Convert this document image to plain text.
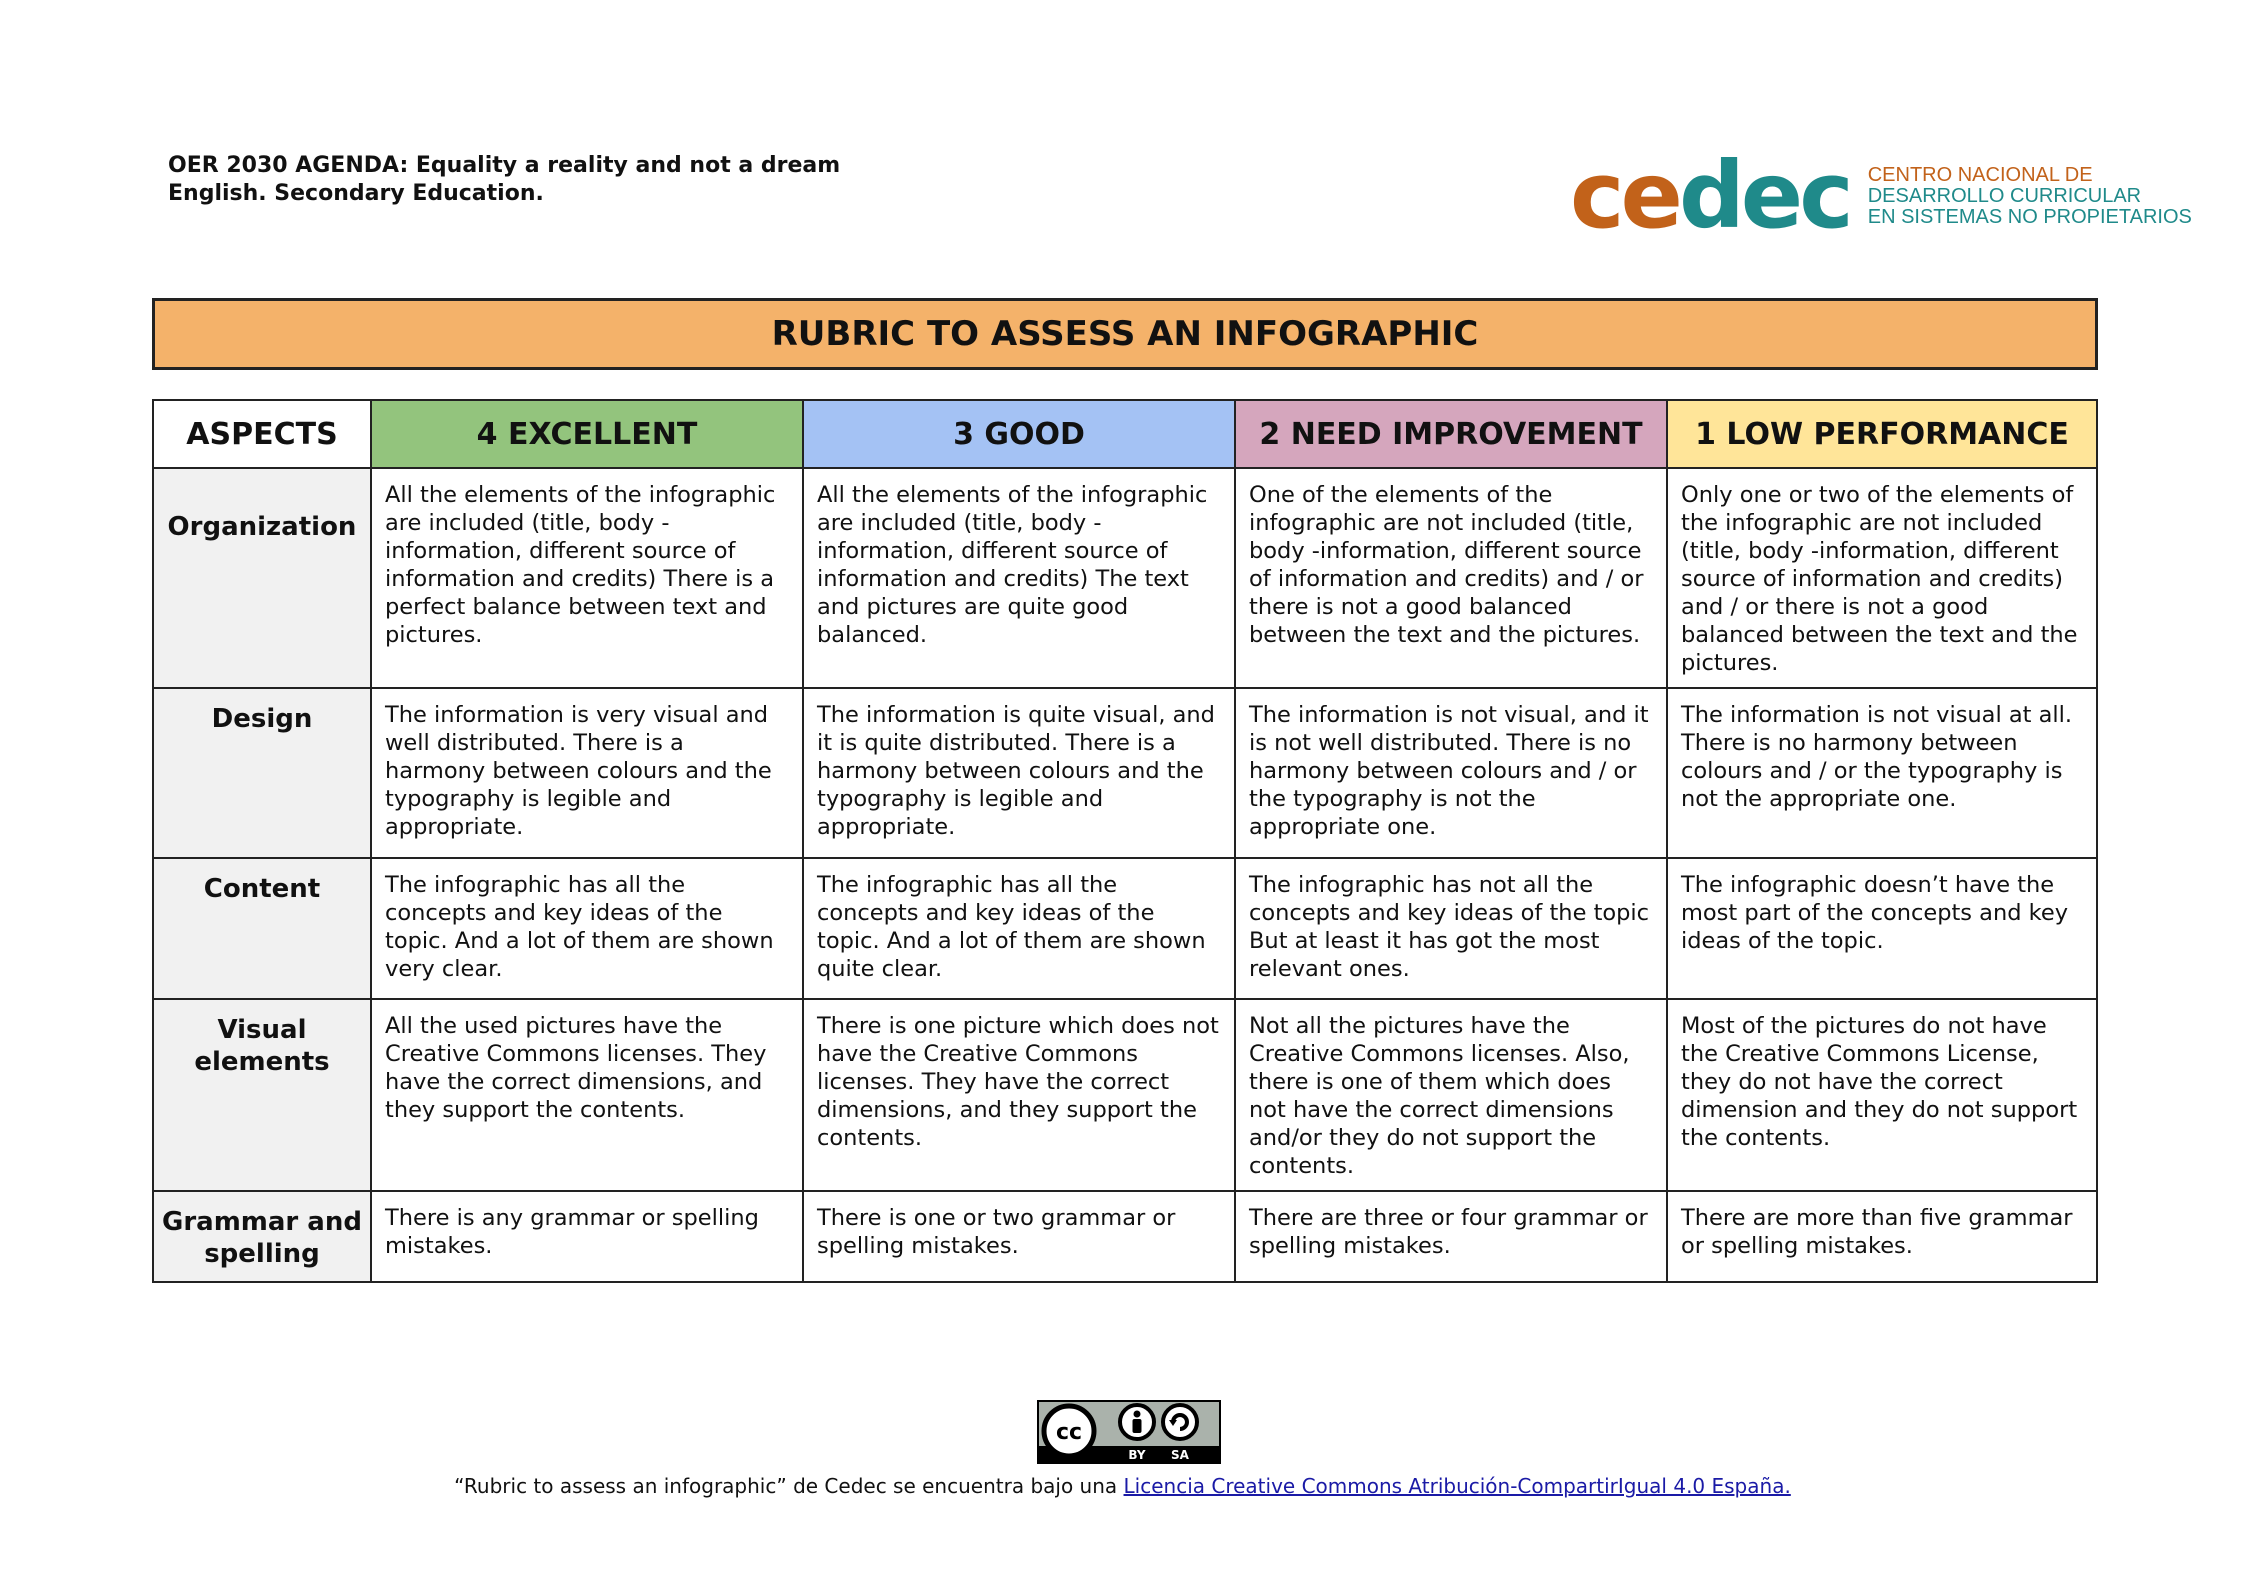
OER 2030 AGENDA: Equality a reality and not a dream
English. Secondary Education.	cedec CENTRO NACIONAL DE
DESARROLLO CURRICULAR
EN SISTEMAS NO PROPIETARIOS
RUBRIC TO ASSESS AN INFOGRAPHIC
ASPECTS	4 EXCELLENT	3 GOOD	2 NEED IMPROVEMENT	1 LOW PERFORMANCE
Organization	All the elements of the infographic are included (title, body -information, different source of information and credits) There is a perfect balance between text and pictures.	All the elements of the infographic are included (title, body -information, different source of information and credits) The text and pictures are quite good balanced.	One of the elements of the infographic are not included (title, body -information, different source of information and credits) and / or there is not a good balanced between the text and the pictures.	Only one or two of the elements of the infographic are not included (title, body -information, different source of information and credits) and / or there is not a good balanced between the text and the pictures.
Design	The information is very visual and well distributed. There is a harmony between colours and the typography is legible and appropriate.	The information is quite visual, and it is quite distributed. There is a harmony between colours and the typography is legible and appropriate.	The information is not visual, and it is not well distributed. There is no harmony between colours and / or the typography is not the appropriate one.	The information is not visual at all. There is no harmony between colours and / or the typography is not the appropriate one.
Content	The infographic has all the concepts and key ideas of the topic. And a lot of them are shown very clear.	The infographic has all the concepts and key ideas of the topic. And a lot of them are shown quite clear.	The infographic has not all the concepts and key ideas of the topic But at least it has got the most relevant ones.	The infographic doesn’t have the most part of the concepts and key ideas of the topic.
Visual elements	All the used pictures have the Creative Commons licenses. They have the correct dimensions, and they support the contents.	There is one picture which does not have the Creative Commons licenses. They have the correct dimensions, and they support the contents.	Not all the pictures have the Creative Commons licenses. Also, there is one of them which does not have the correct dimensions and/or they do not support the contents.	Most of the pictures do not have the Creative Commons License, they do not have the correct dimension and they do not support the contents.
Grammar and spelling	There is any grammar or spelling mistakes.	There is one or two grammar or spelling mistakes.	There are three or four grammar or spelling mistakes.	There are more than five grammar or spelling mistakes.
cc
BY SA
“Rubric to assess an infographic” de Cedec se encuentra bajo una Licencia Creative Commons Atribución-CompartirIgual 4.0 España.
